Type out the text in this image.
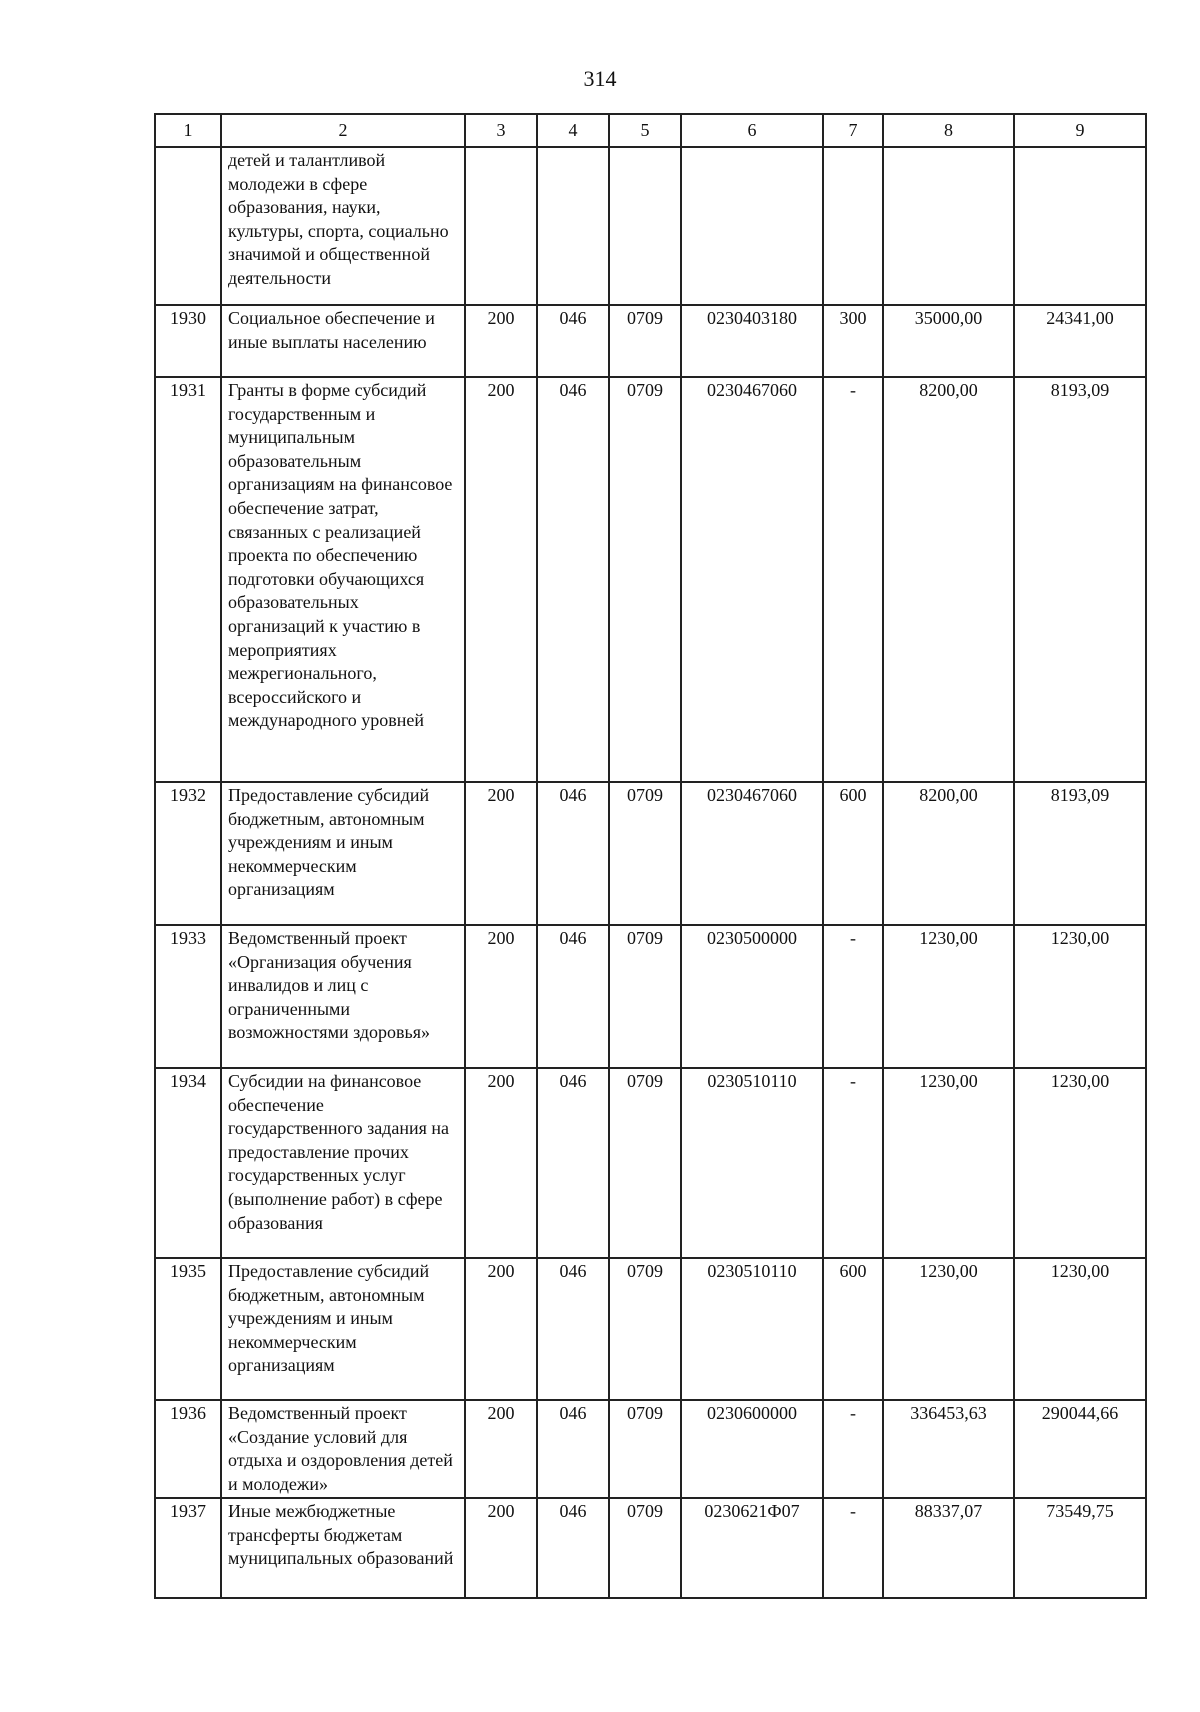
314
1	2	3	4	5	6	7	8	9
	детей и талантливой молодежи в сфере образования, науки, культуры, спорта, социально значимой и общественной деятельности							
1930	Социальное обеспечение и иные выплаты населению	200	046	0709	0230403180	300	35000,00	24341,00
1931	Гранты в форме субсидий государственным и муниципальным образовательным организациям на финансовое обеспечение затрат, связанных с реализацией проекта по обеспечению подготовки обучающихся образовательных организаций к участию в мероприятиях межрегионального, всероссийского и международного уровней	200	046	0709	0230467060	-	8200,00	8193,09
1932	Предоставление субсидий бюджетным, автономным учреждениям и иным некоммерческим организациям	200	046	0709	0230467060	600	8200,00	8193,09
1933	Ведомственный проект «Организация обучения инвалидов и лиц с ограниченными возможностями здоровья»	200	046	0709	0230500000	-	1230,00	1230,00
1934	Субсидии на финансовое обеспечение государственного задания на предоставление прочих государственных услуг (выполнение работ) в сфере образования	200	046	0709	0230510110	-	1230,00	1230,00
1935	Предоставление субсидий бюджетным, автономным учреждениям и иным некоммерческим организациям	200	046	0709	0230510110	600	1230,00	1230,00
1936	Ведомственный проект «Создание условий для отдыха и оздоровления детей и молодежи»	200	046	0709	0230600000	-	336453,63	290044,66
1937	Иные межбюджетные трансферты бюджетам муниципальных образований	200	046	0709	0230621Ф07	-	88337,07	73549,75
